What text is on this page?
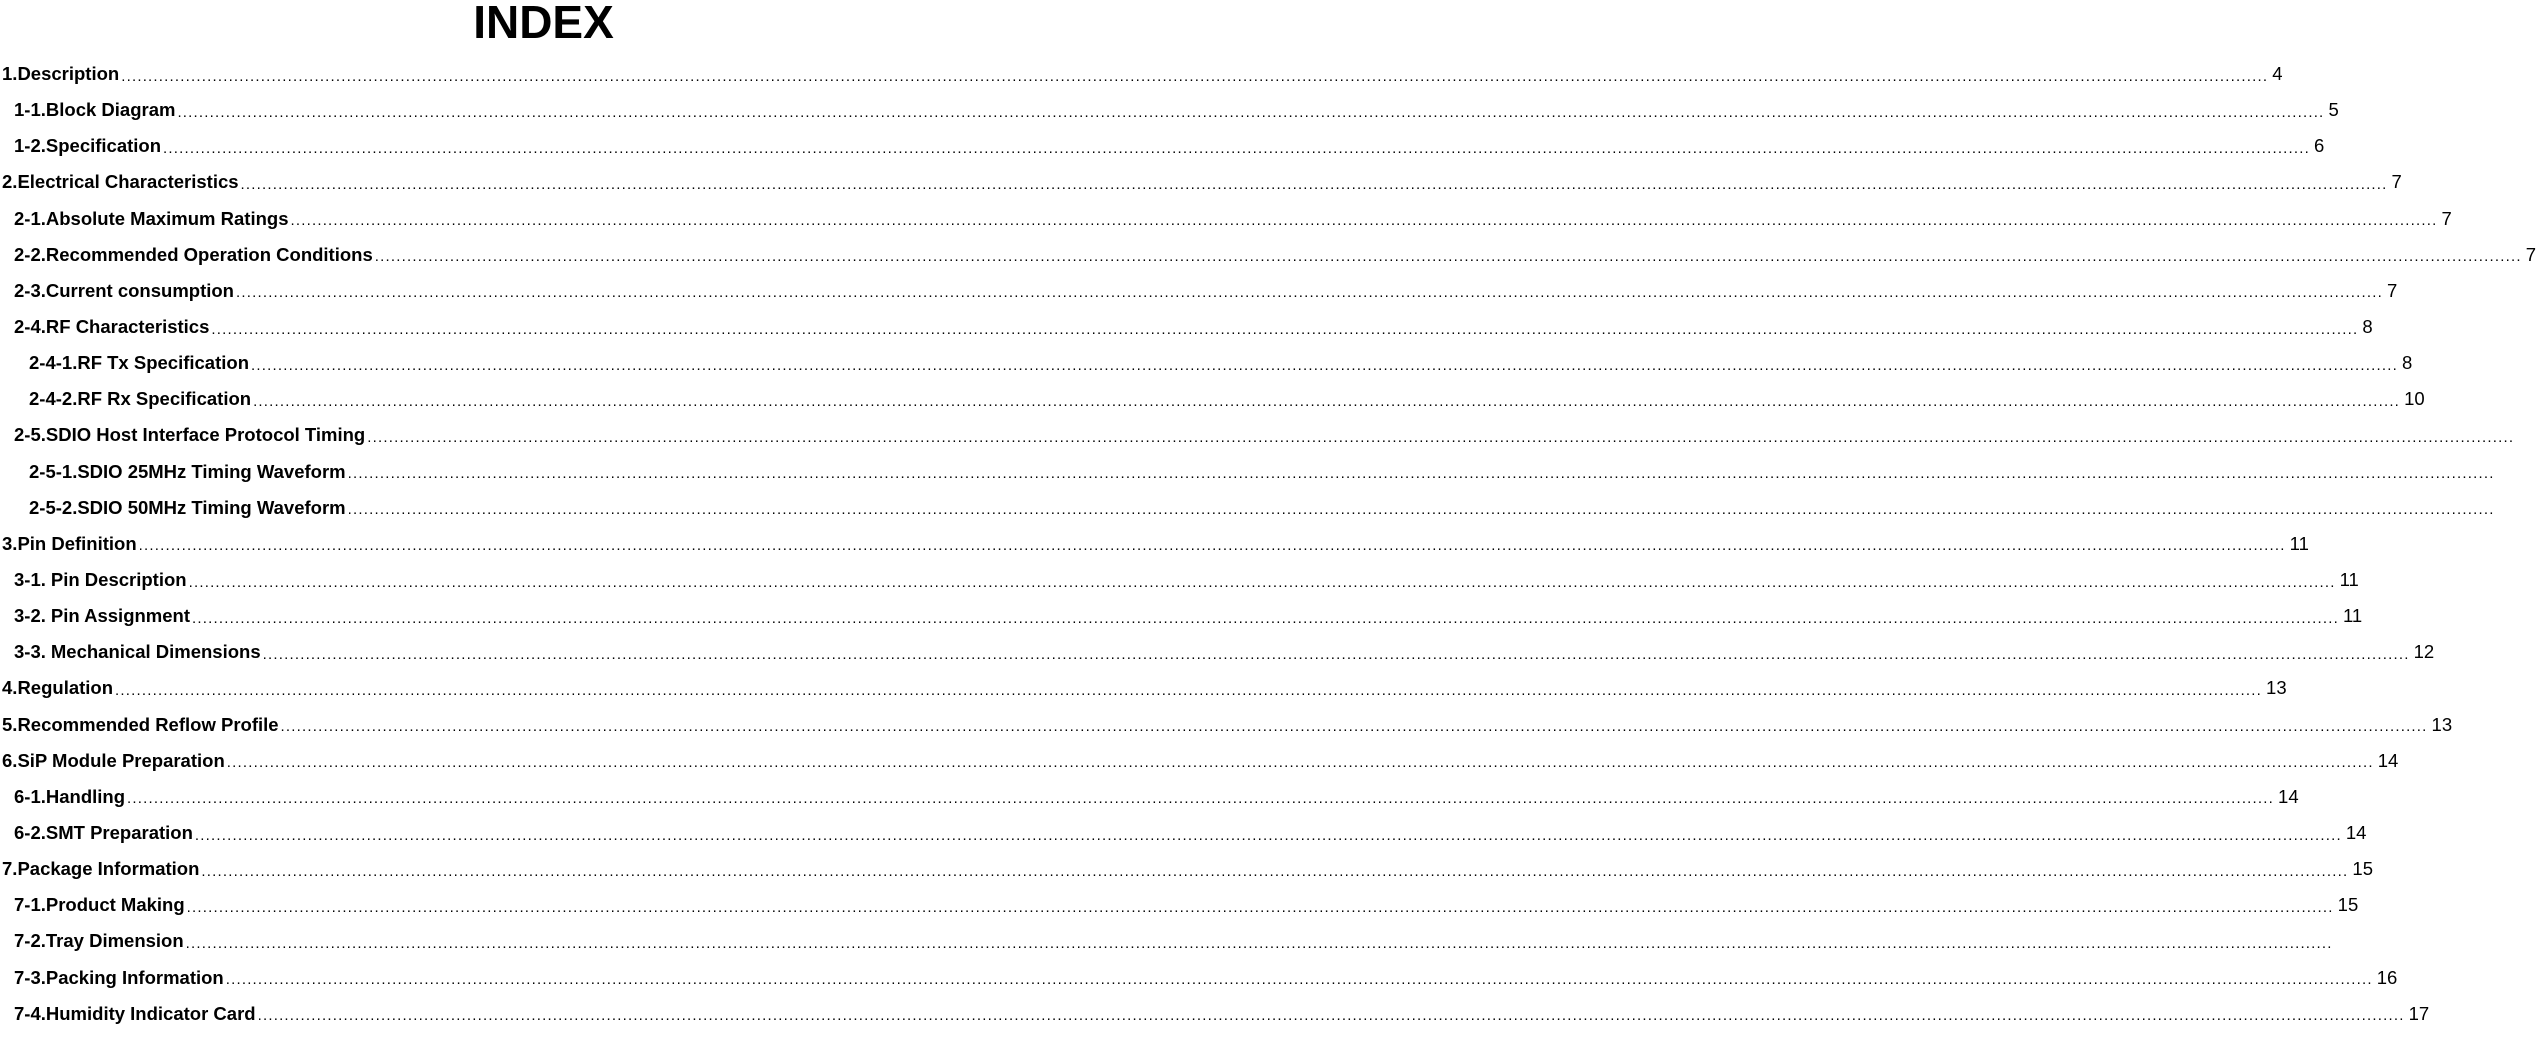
INDEX
1. Description ................................................................................................................................................................................................................................................................................................................................................................................................................ 4
1-1. Block Diagram ................................................................................................................................................................................................................................................................................................................................................................................................................ 5
1-2. Specification ................................................................................................................................................................................................................................................................................................................................................................................................................ 6
2. Electrical Characteristics ................................................................................................................................................................................................................................................................................................................................................................................................................ 7
2-1. Absolute Maximum Ratings ................................................................................................................................................................................................................................................................................................................................................................................................................ 7
2-2. Recommended Operation Conditions ................................................................................................................................................................................................................................................................................................................................................................................................................ 7
2-3. Current consumption ................................................................................................................................................................................................................................................................................................................................................................................................................ 7
2-4. RF Characteristics ................................................................................................................................................................................................................................................................................................................................................................................................................ 8
2-4-1. RF Tx Specification ................................................................................................................................................................................................................................................................................................................................................................................................................ 8
2-4-2. RF Rx Specification ................................................................................................................................................................................................................................................................................................................................................................................................................ 10
2-5. SDIO Host Interface Protocol Timing ................................................................................................................................................................................................................................................................................................................................................................................................................
2-5-1. SDIO 25MHz Timing Waveform ................................................................................................................................................................................................................................................................................................................................................................................................................
2-5-2. SDIO 50MHz Timing Waveform ................................................................................................................................................................................................................................................................................................................................................................................................................
3. Pin Definition ................................................................................................................................................................................................................................................................................................................................................................................................................ 11
3-1. Pin Description ................................................................................................................................................................................................................................................................................................................................................................................................................ 11
3-2. Pin Assignment ................................................................................................................................................................................................................................................................................................................................................................................................................ 11
3-3. Mechanical Dimensions ................................................................................................................................................................................................................................................................................................................................................................................................................ 12
4. Regulation ................................................................................................................................................................................................................................................................................................................................................................................................................ 13
5. Recommended Reflow Profile ................................................................................................................................................................................................................................................................................................................................................................................................................ 13
6. SiP Module Preparation ................................................................................................................................................................................................................................................................................................................................................................................................................ 14
6-1. Handling ................................................................................................................................................................................................................................................................................................................................................................................................................ 14
6-2. SMT Preparation ................................................................................................................................................................................................................................................................................................................................................................................................................ 14
7. Package Information ................................................................................................................................................................................................................................................................................................................................................................................................................ 15
7-1. Product Making ................................................................................................................................................................................................................................................................................................................................................................................................................ 15
7-2. Tray Dimension ................................................................................................................................................................................................................................................................................................................................................................................................................
7-3. Packing Information ................................................................................................................................................................................................................................................................................................................................................................................................................ 16
7-4. Humidity Indicator Card ................................................................................................................................................................................................................................................................................................................................................................................................................ 17
